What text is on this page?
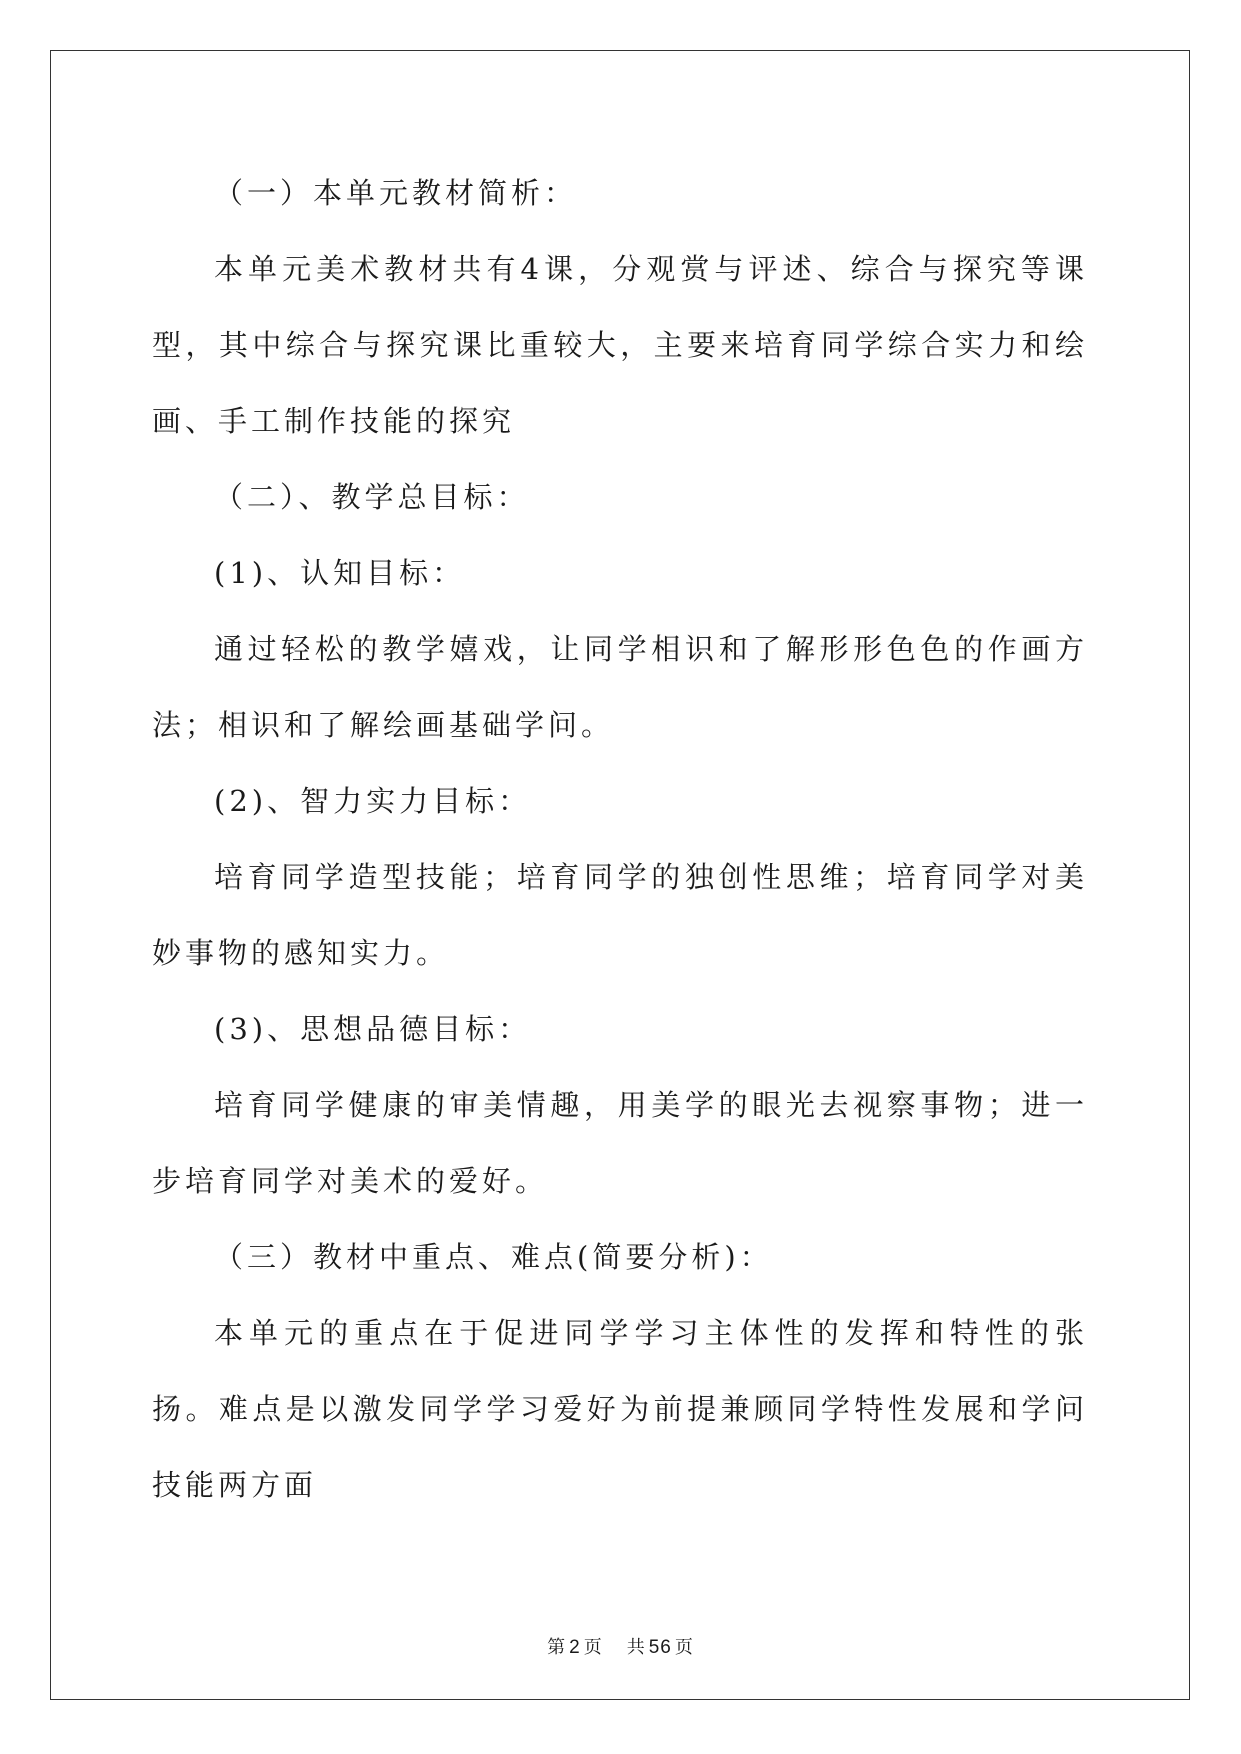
（一）本单元教材简析：

本单元美术教材共有4课，分观赏与评述、综合与探究等课型，其中综合与探究课比重较大，主要来培育同学综合实力和绘画、手工制作技能的探究

（二）、教学总目标：

(1)、认知目标：

通过轻松的教学嬉戏，让同学相识和了解形形色色的作画方法；相识和了解绘画基础学问。

(2)、智力实力目标：

培育同学造型技能；培育同学的独创性思维；培育同学对美妙事物的感知实力。

(3)、思想品德目标：

培育同学健康的审美情趣，用美学的眼光去视察事物；进一步培育同学对美术的爱好。

（三）教材中重点、难点(简要分析)：

本单元的重点在于促进同学学习主体性的发挥和特性的张扬。难点是以激发同学学习爱好为前提兼顾同学特性发展和学问技能两方面

第 2 页 共 56 页
